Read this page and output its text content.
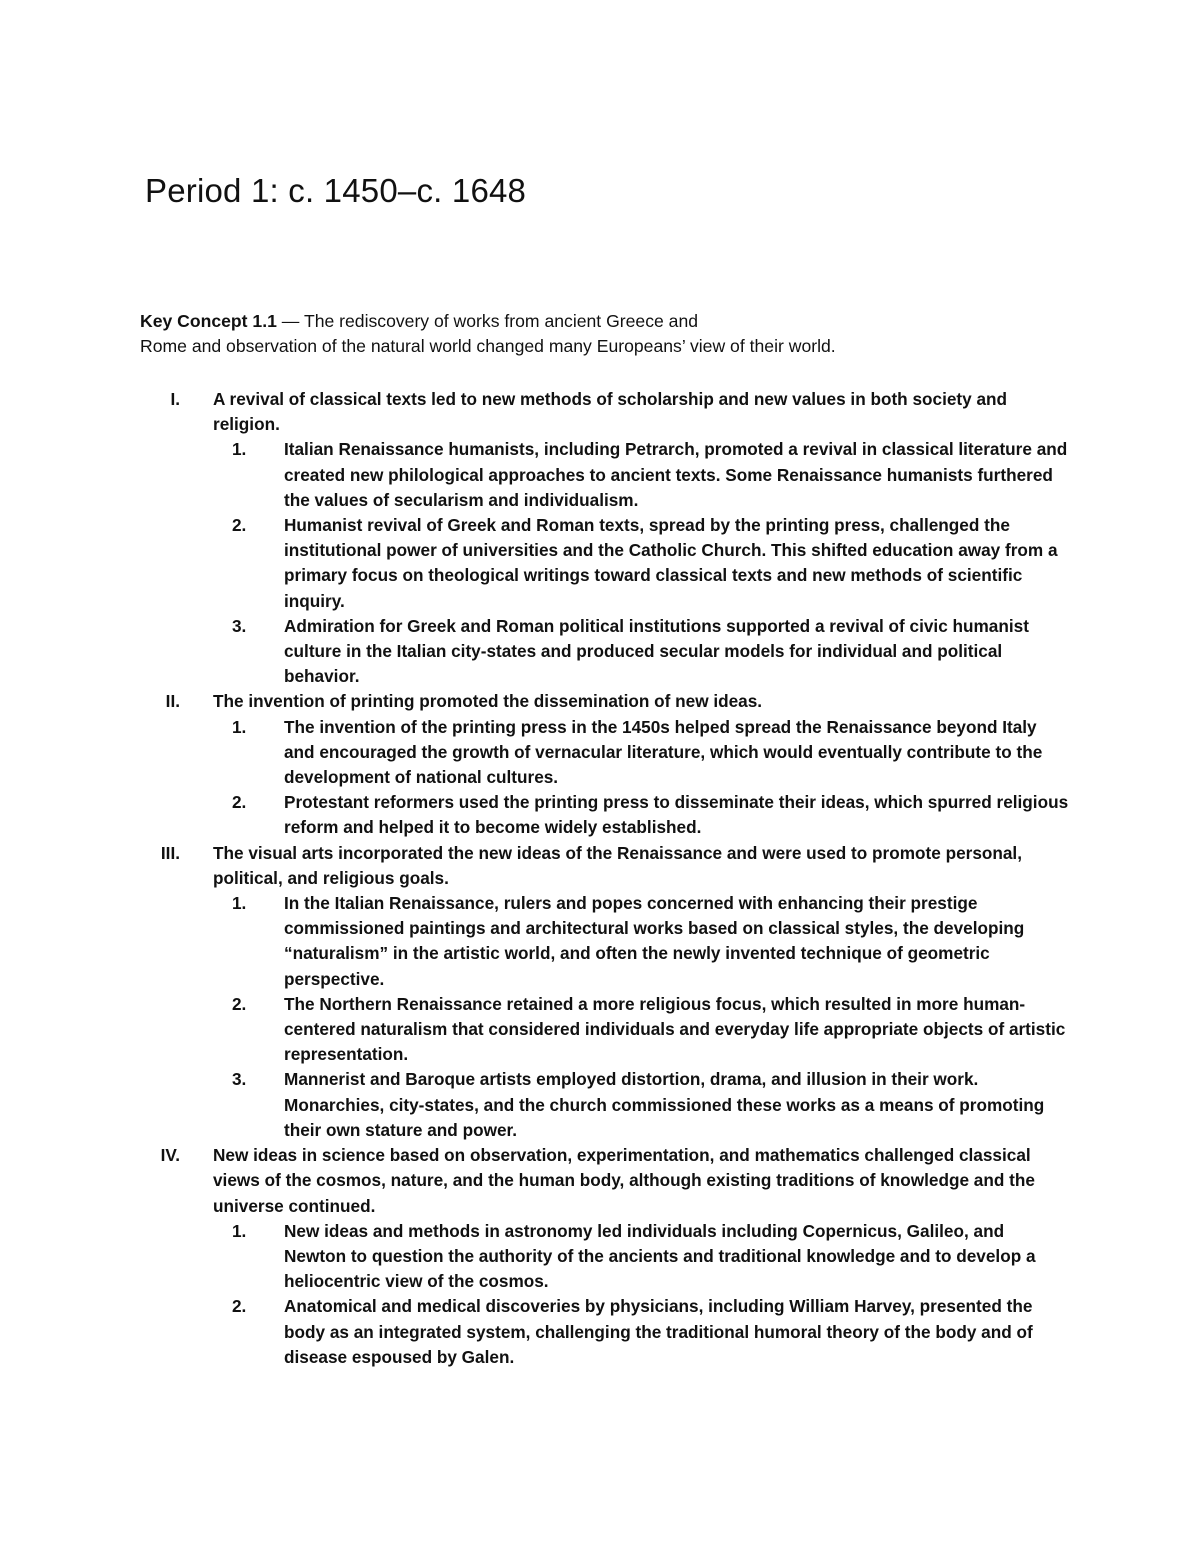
Period 1: c. 1450–c. 1648

Key Concept 1.1 — The rediscovery of works from ancient Greece and
Rome and observation of the natural world changed many Europeans’ view of their world.

I. A revival of classical texts led to new methods of scholarship and new values in both society and religion.
1. Italian Renaissance humanists, including Petrarch, promoted a revival in classical literature and created new philological approaches to ancient texts. Some Renaissance humanists furthered the values of secularism and individualism.
2. Humanist revival of Greek and Roman texts, spread by the printing press, challenged the institutional power of universities and the Catholic Church. This shifted education away from a primary focus on theological writings toward classical texts and new methods of scientific inquiry.
3. Admiration for Greek and Roman political institutions supported a revival of civic humanist culture in the Italian city-states and produced secular models for individual and political behavior.
II. The invention of printing promoted the dissemination of new ideas.
1. The invention of the printing press in the 1450s helped spread the Renaissance beyond Italy and encouraged the growth of vernacular literature, which would eventually contribute to the development of national cultures.
2. Protestant reformers used the printing press to disseminate their ideas, which spurred religious reform and helped it to become widely established.
III. The visual arts incorporated the new ideas of the Renaissance and were used to promote personal, political, and religious goals.
1. In the Italian Renaissance, rulers and popes concerned with enhancing their prestige commissioned paintings and architectural works based on classical styles, the developing “naturalism” in the artistic world, and often the newly invented technique of geometric perspective.
2. The Northern Renaissance retained a more religious focus, which resulted in more human-centered naturalism that considered individuals and everyday life appropriate objects of artistic representation.
3. Mannerist and Baroque artists employed distortion, drama, and illusion in their work. Monarchies, city-states, and the church commissioned these works as a means of promoting their own stature and power.
IV. New ideas in science based on observation, experimentation, and mathematics challenged classical views of the cosmos, nature, and the human body, although existing traditions of knowledge and the universe continued.
1. New ideas and methods in astronomy led individuals including Copernicus, Galileo, and Newton to question the authority of the ancients and traditional knowledge and to develop a heliocentric view of the cosmos.
2. Anatomical and medical discoveries by physicians, including William Harvey, presented the body as an integrated system, challenging the traditional humoral theory of the body and of disease espoused by Galen.
